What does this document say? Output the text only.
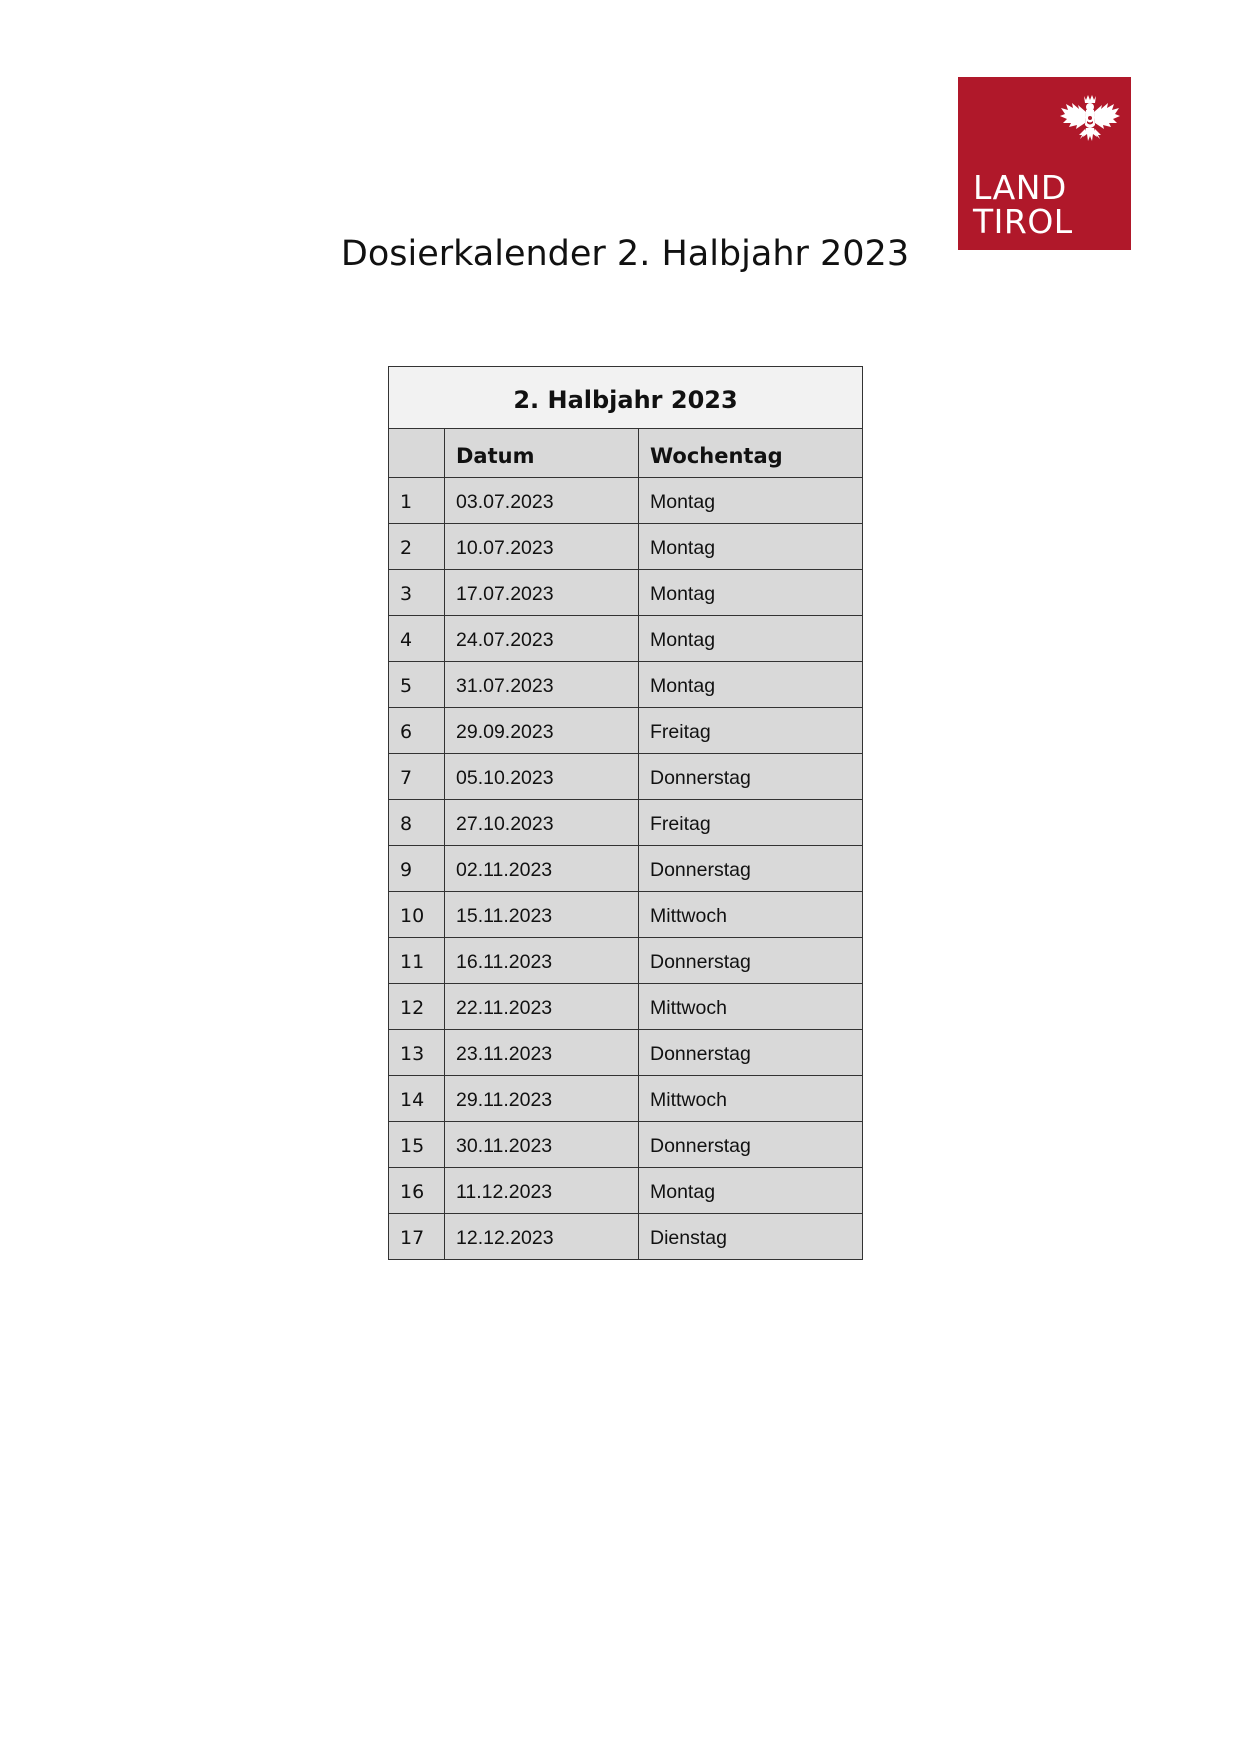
LAND
TIROL
Dosierkalender 2. Halbjahr 2023
2. Halbjahr 2023		
	Datum	Wochentag
1	03.07.2023	Montag
2	10.07.2023	Montag
3	17.07.2023	Montag
4	24.07.2023	Montag
5	31.07.2023	Montag
6	29.09.2023	Freitag
7	05.10.2023	Donnerstag
8	27.10.2023	Freitag
9	02.11.2023	Donnerstag
10	15.11.2023	Mittwoch
11	16.11.2023	Donnerstag
12	22.11.2023	Mittwoch
13	23.11.2023	Donnerstag
14	29.11.2023	Mittwoch
15	30.11.2023	Donnerstag
16	11.12.2023	Montag
17	12.12.2023	Dienstag
